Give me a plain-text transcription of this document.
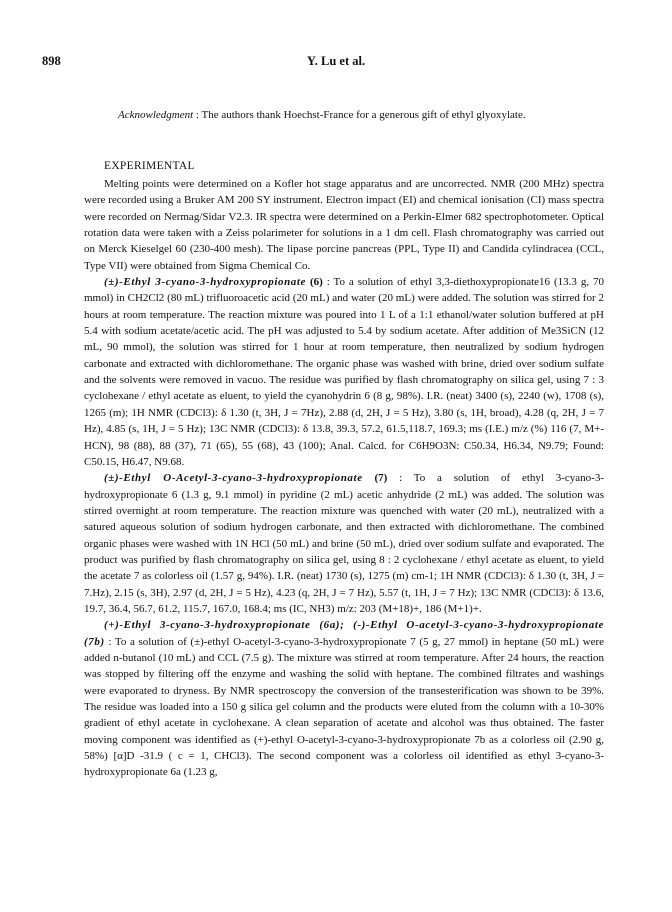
898	Y. Lu et al.
Acknowledgment : The authors thank Hoechst-France for a generous gift of ethyl glyoxylate.
EXPERIMENTAL

Melting points were determined on a Kofler hot stage apparatus and are uncorrected. NMR (200 MHz) spectra were recorded using a Bruker AM 200 SY instrument. Electron impact (EI) and chemical ionisation (CI) mass spectra were recorded on Nermag/Sidar V2.3. IR spectra were determined on a Perkin-Elmer 682 spectrophotometer. Optical rotation data were taken with a Zeiss polarimeter for solutions in a 1 dm cell. Flash chromatography was carried out on Merck Kieselgel 60 (230-400 mesh). The lipase porcine pancreas (PPL, Type II) and Candida cylindracea (CCL, Type VII) were obtained from Sigma Chemical Co.

(±)-Ethyl 3-cyano-3-hydroxypropionate (6) : To a solution of ethyl 3,3-diethoxypropionate16 (13.3 g, 70 mmol) in CH2Cl2 (80 mL) trifluoroacetic acid (20 mL) and water (20 mL) were added. The solution was stirred for 2 hours at room temperature. The reaction mixture was poured into 1 L of a 1:1 ethanol/water solution buffered at pH 5.4 with sodium acetate/acetic acid. The pH was adjusted to 5.4 by sodium acetate. After addition of Me3SiCN (12 mL, 90 mmol), the solution was stirred for 1 hour at room temperature, then neutralized by sodium hydrogen carbonate and extracted with dichloromethane. The organic phase was washed with brine, dried over sodium sulfate and the solvents were removed in vacuo. The residue was purified by flash chromatography on silica gel, using 7 : 3 cyclohexane / ethyl acetate as eluent, to yield the cyanohydrin 6 (8 g, 98%). I.R. (neat) 3400 (s), 2240 (w), 1708 (s), 1265 (m); 1H NMR (CDCl3): δ 1.30 (t, 3H, J = 7Hz), 2.88 (d, 2H, J = 5 Hz), 3.80 (s, 1H, broad), 4.28 (q, 2H, J = 7 Hz), 4.85 (s, 1H, J = 5 Hz); 13C NMR (CDCl3): δ 13.8, 39.3, 57.2, 61.5,118.7, 169.3; ms (I.E.) m/z (%) 116 (7, M+-HCN), 98 (88), 88 (37), 71 (65), 55 (68), 43 (100); Anal. Calcd. for C6H9O3N: C50.34, H6.34, N9.79; Found: C50.15, H6.47, N9.68.

(±)-Ethyl O-Acetyl-3-cyano-3-hydroxypropionate (7) : To a solution of ethyl 3-cyano-3-hydroxypropionate 6 (1.3 g, 9.1 mmol) in pyridine (2 mL) acetic anhydride (2 mL) was added. The solution was stirred overnight at room temperature. The reaction mixture was quenched with water (20 mL), neutralized with a satured aqueous solution of sodium hydrogen carbonate, and then extracted with dichloromethane. The combined organic phases were washed with 1N HCl (50 mL) and brine (50 mL), dried over sodium sulfate and evaporated. The product was purified by flash chromatography on silica gel, using 8 : 2 cyclohexane / ethyl acetate as eluent, to yield the acetate 7 as colorless oil (1.57 g, 94%). I.R. (neat) 1730 (s), 1275 (m) cm-1; 1H NMR (CDCl3): δ 1.30 (t, 3H, J = 7.Hz), 2.15 (s, 3H), 2.97 (d, 2H, J = 5 Hz), 4.23 (q, 2H, J = 7 Hz), 5.57 (t, 1H, J = 7 Hz); 13C NMR (CDCl3): δ 13.6, 19.7, 36.4, 56.7, 61.2, 115.7, 167.0, 168.4; ms (IC, NH3) m/z: 203 (M+18)+, 186 (M+1)+.

(+)-Ethyl 3-cyano-3-hydroxypropionate (6a); (-)-Ethyl O-acetyl-3-cyano-3-hydroxypropionate (7b) : To a solution of (±)-ethyl O-acetyl-3-cyano-3-hydroxypropionate 7 (5 g, 27 mmol) in heptane (50 mL) were added n-butanol (10 mL) and CCL (7.5 g). The mixture was stirred at room temperature. After 24 hours, the reaction was stopped by filtering off the enzyme and washing the solid with heptane. The combined filtrates and washings were evaporated to dryness. By NMR spectroscopy the conversion of the transesterification was shown to be 39%. The residue was loaded into a 150 g silica gel column and the products were eluted from the column with a 10-30% gradient of ethyl acetate in cyclohexane. A clean separation of acetate and alcohol was thus obtained. The faster moving component was identified as (+)-ethyl O-acetyl-3-cyano-3-hydroxypropionate 7b as a colorless oil (2.90 g, 58%) [α]D -31.9 ( c = 1, CHCl3). The second component was a colorless oil identified as ethyl 3-cyano-3-hydroxypropionate 6a (1.23 g,
